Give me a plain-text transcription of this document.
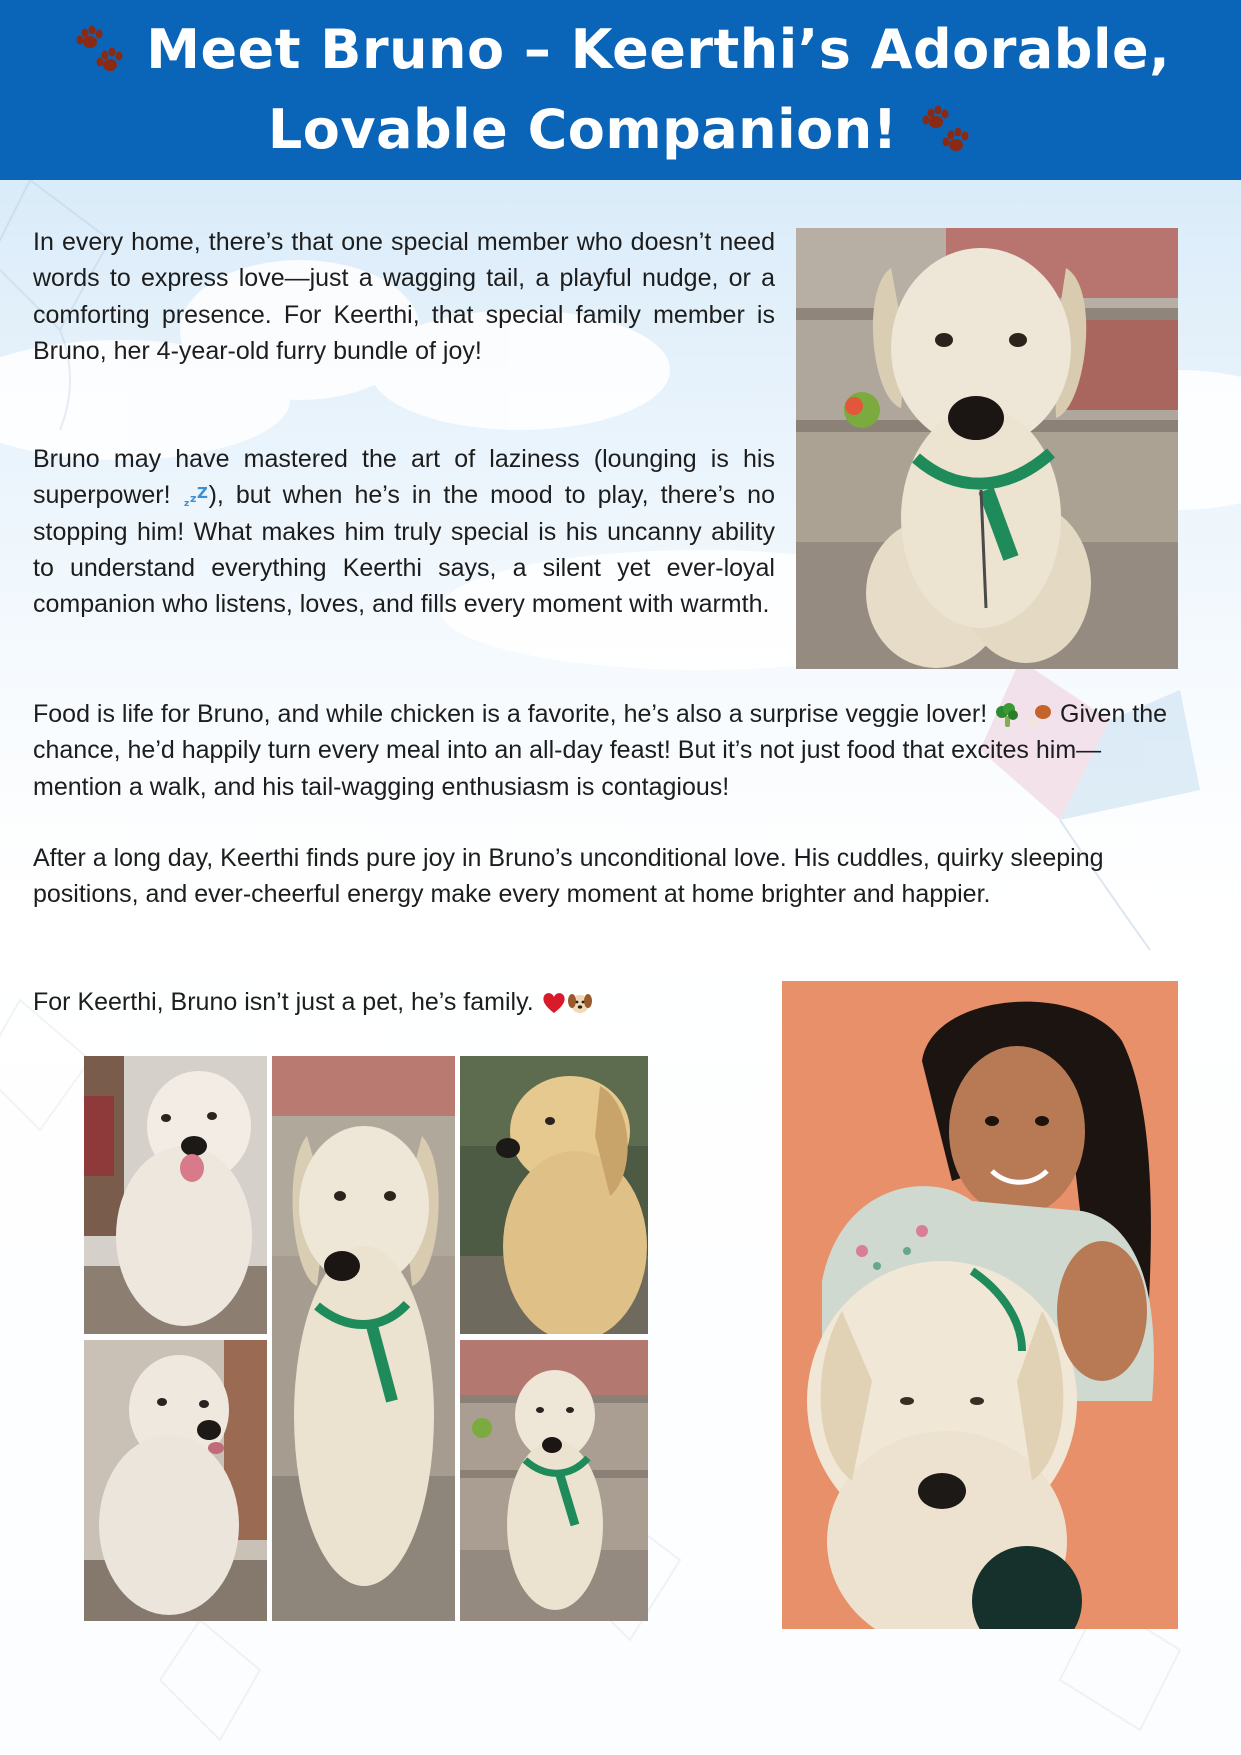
Meet Bruno – Keerthi’s Adorable,
Lovable Companion!

In every home, there’s that one special member who doesn’t need words to express love—just a wagging tail, a playful nudge, or a comforting presence. For Keerthi, that special family member is Bruno, her 4-year-old furry bundle of joy!

Bruno may have mastered the art of laziness (lounging is his superpower! z z Z ), but when he’s in the mood to play, there’s no stopping him! What makes him truly special is his uncanny ability to understand everything Keerthi says, a silent yet ever-loyal companion who listens, loves, and fills every moment with warmth.

Food is life for Bruno, and while chicken is a favorite, he’s also a surprise veggie lover!	Given the chance, he’d happily turn every meal into an all-day feast! But it’s not just food that excites him—mention a walk, and his tail-wagging enthusiasm is contagious!

After a long day, Keerthi finds pure joy in Bruno’s unconditional love. His cuddles, quirky sleeping positions, and ever-cheerful energy make every moment at home brighter and happier.

For Keerthi, Bruno isn’t just a pet, he’s family.
